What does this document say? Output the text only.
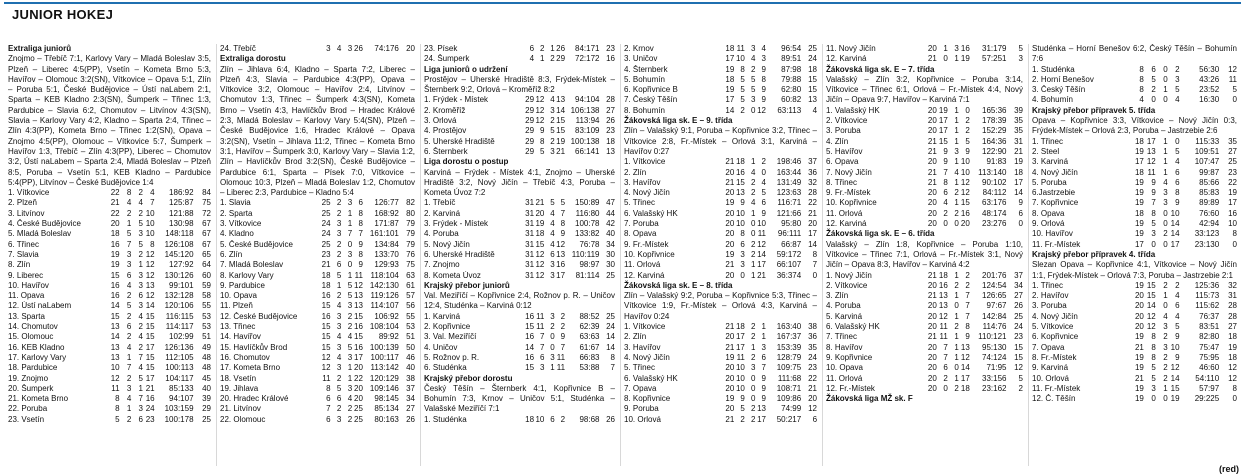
JUNIOR HOKEJ
Extraliga juniorů
Znojmo – Třebíč 7:1, Karlovy Vary – Mladá Boleslav 3:5, Plzeň – Liberec 4:5(PP), Vsetín – Kometa Brno 5:3, Havířov – Olomouc 3:2(SN), Vítkovice – Opava 5:1, Zlín – Poruba 5:1, České Budějovice – Ústí naLabem 2:1, Sparta – KEB Kladno 2:3(SN), Šumperk – Třinec 1:3, Pardubice – Slavia 6:2, Chomutov – Litvínov 4:3(SN), Slavia – Karlovy Vary 4:2, Kladno – Sparta 2:4, Třinec – Zlín 4:3(PP), Kometa Brno – Třinec 1:2(SN), Opava – Znojmo 4:5(PP), Olomouc – Vítkovice 5:7, Šumperk – Havířov 1:3, Třebíč – Zlín 4:3(PP), Liberec – Chomutov 3:2, Ústí naLabem – Sparta 2:4, Mladá Boleslav – Plzeň 8:5, Poruba – Vsetín 5:1, KEB Kladno – Pardubice 5:4(PP), Litvínov – České Budějovice 1:4
1. Vítkovice	22 8 2 4	186:92	84
2. Plzeň	21 4 4 7	125:87	75
3. Litvínov	22 2 2 10	121:88	72
4. České Budějovice	20 1 5 10	130:98	67
5. Mladá Boleslav	18 5 3 10	148:118	67
6. Třinec	16 7 5 8	126:108	67
7. Slavia	19 3 2 12	145:120	65
8. Zlín	19 3 1 12	127:92	64
9. Liberec	15 6 3 12	130:126	60
10. Havířov	16 4 3 13	99:101	59
11. Opava	16 2 6 12	132:128	58
12. Ústí naLabem	14 5 3 14	120:106	55
13. Sparta	15 2 4 15	116:115	53
14. Chomutov	13 6 2 15	114:117	53
15. Olomouc	14 2 4 15	102:99	51
16. KEB Kladno	13 4 2 17	126:136	49
17. Karlovy Vary	13 1 7 15	112:105	48
18. Pardubice	10 7 4 15	100:113	48
19. Znojmo	12 2 5 17	104:117	45
20. Šumperk	11 3 1 21	85:133	40
21. Kometa Brno	8 4 7 16	94:107	39
22. Poruba	8 1 3 24	103:159	29
23. Vsetín	5 2 6 23	100:178	25
24. Třebíč	3 4 3 26	74:176 20
Extraliga dorostu
Zlín – Jihlava 6:4, Kladno – Sparta 7:2, Liberec – Plzeň 4:3, Slavia – Pardubice 4:3(PP), Opava – Vítkovice 3:2, Olomouc – Havířov 2:4, Litvínov – Chomutov 1:3, Třinec – Šumperk 4:3(SN), Kometa Brno – Vsetín 4:3, Havlíčkův Brod – Hradec Králové 2:3, Mladá Boleslav – Karlovy Vary 5:4(SN), Plzeň – České Budějovice 1:6, Hradec Králové – Opava 3:2(SN), Vsetín – Jihlava 11:2, Třinec – Kometa Brno 3:1, Havířov – Šumperk 3:0, Karlovy Vary – Slavia 1:2, Zlín – Havlíčkův Brod 3:2(SN), České Budějovice – Pardubice 6:1, Sparta – Písek 7:0, Vítkovice – Olomouc 10:3, Plzeň – Mladá Boleslav 1:2, Chomutov – Liberec 2:3, Pardubice – Kladno 5:4
1. Slavia	25 2 3 6	126:77 82
2. Sparta	25 2 1 8	168:92 80
3. Vítkovice	24 3 1 8	171:87 79
4. Kladno	24 3 7 7 161:101 79
5. České Budějovice	25 2 0 9	134:84 79
6. Zlín	23 2 3 8	133:70 76
7. Mladá Boleslav	21 6 0 9	129:93 75
8. Karlovy Vary	18 5 1 11 118:104 63
9. Pardubice	18 1 5 12 142:130 61
10. Opava	16 2 5 13 119:126 57
11. Plzeň	15 4 3 13 114:107 56
12. České Budějovice	16 3 2 15	106:92 55
13. Třinec	15 3 2 16 108:104 53
14. Havířov	15 4 4 15	89:92 51
15. Havlíčkův Brod	15 3 5 16 100:139 50
16. Chomutov	12 4 3 17 100:117 46
17. Kometa Brno	12 3 1 20 113:142 40
18. Vsetín	11 2 1 22 120:129 38
19. Jihlava	8 5 3 20 109:146 37
20. Hradec Králové	6 6 4 20	98:145 34
21. Litvínov	7 2 2 25	85:134 27
22. Olomouc	6 3 2 25	80:163 26
23. Písek	6 2 1 26	84:171 23
24. Šumperk	4 1 2 29	72:172 16
Liga juniorů o udržení
Prostějov – Uherské Hradiště 8:3, Frýdek-Místek – Šternberk 9:2, Orlová – Kroměříž 8:2
1. Frýdek - Místek	29 12 4 13	94:104 28
2. Kroměříž	29 12 3 14 106:138 27
3. Orlová	29 12 2 15	113:94 26
4. Prostějov	29 9 5 15	83:109 23
5. Uherské Hradiště	29 8 2 19 100:138 18
6. Šternberk	29 5 3 21	66:141 13
Liga dorostu o postup
Karviná – Frýdek - Místek 4:1, Znojmo – Uherské Hradiště 3:2, Nový Jičín – Třebíč 4:3, Poruba – Kometa Úvoz 7:2
1. Třebíč	31 21 5 5	150:89 47
2. Karviná	31 20 4 7	116:80 44
3. Frýdek - Místek	31 19 4 8	100:78 42
4. Poruba	31 18 4 9	133:82 40
5. Nový Jičín	31 15 4 12	76:78 34
6. Uherské Hradiště	31 12 6 13 110:119 30
7. Znojmo	31 12 3 16	98:97 30
8. Kometa Úvoz	31 12 3 17	81:114 25
Krajský přebor juniorů
Val. Meziříčí – Kopřivnice 2:4, Rožnov p. R. – Uničov 12:4, Studénka – Karviná 0:12
1. Karviná	16 11 3 2	88:52 25
2. Kopřivnice	15 11 2 2	62:39 24
3. Val. Meziříčí	16 7 0 9	63:63 14
4. Uničov	14 7 0 7	61:67 14
5. Rožnov p. R.	16 6 3 11	66:83	8
6. Studénka	15 3 1 11	53:88	7
Krajský přebor dorostu
Český Těšín – Šternberk 4:1, Kopřivnice B – Bohumín 7:3, Krnov – Uničov 5:1, Studénka – Valašské Meziříčí 7:1
1. Studénka	18 10 6 2	98:68 26
2. Krnov	18 11 3 4	96:54 25
3. Uničov	17 10 4 3	89:51 24
4. Šternberk	19 8 2 9	87:98 18
5. Bohumín	18 5 5 8	79:88 15
6. Kopřivnice B	19 5 5 9	62:80 15
7. Český Těšín	17 5 3 9	60:82 13
8. Bohumín	14 2 0 12	63:113	4
Žákovská liga sk. E – 9. třída
Zlín – Valašský 9:1, Poruba – Kopřivnice 3:2, Třinec – Vítkovice 2:8, Fr.-Místek – Orlová 3:1, Karviná – Havířov 0:27
1. Vítkovice	21 18 1 2	198:46 37
2. Zlín	20 16 4 0	163:44 36
3. Havířov	21 15 2 4	131:49 32
4. Nový Jičín	20 13 2 5	123:63 28
5. Třinec	19 9 4 6	116:71 22
6. Valašský HK	20 10 1 9	121:66 21
7. Poruba	20 10 0 10	95:80 20
8. Opava	20 8 0 11	96:111 17
9. Fr.-Místek	20 6 2 12	66:87 14
10. Kopřivnice	19 3 2 14	59:172	8
11. Orlová	21 3 1 17	66:107	7
12. Karviná	20 0 1 21	36:374	0
Žákovská liga sk. E – 8. třída
Zlín – Valašský 9:2, Poruba – Kopřivnice 5:3, Třinec – Vítkovice 1:9, Fr.-Místek – Orlová 4:3, Karviná – Havířov 0:24
1. Vítkovice	21 18 2 1	163:40 38
2. Zlín	20 17 2 1	167:37 36
3. Havířov	21 17 1 3	153:39 35
4. Nový Jičín	19 11 2 6	128:79 24
5. Třinec	20 10 3 7	109:75 23
6. Valašský HK	20 10 0 9	111:68 22
7. Opava	20 10 0 9	108:71 21
8. Kopřivnice	19 9 0 9	109:86 20
9. Poruba	20 5 2 13	74:99 12
10. Orlová	21 2 2 17	50:217	6
11. Nový Jičín	20 1 3 16	31:179	5
12. Karviná	21 0 1 19	57:251	3
Žákovská liga sk. E – 7. třída
Valašský – Zlín 3:2, Kopřivnice – Poruba 3:14, Vítkovice – Třinec 6:1, Orlová – Fr.-Místek 4:4, Nový Jičín – Opava 9:7, Havířov – Karviná 7:1
1. Valašský HK	20 19 1 0	165:36 39
2. Vítkovice	20 17 1 2	178:39 35
3. Poruba	20 17 1 2	152:29 35
4. Zlín	21 15 1 5	164:36 31
5. Havířov	21 9 3 9	122:90 21
6. Opava	20 9 1 10	91:83 19
7. Nový Jičín	21 7 4 10	113:140 18
8. Třinec	21 8 1 12	90:102 17
9. Fr.-Místek	20 6 2 12	84:112 14
10. Kopřivnice	20 4 1 15	63:176	9
11. Orlová	20 2 2 16	48:174	6
12. Karviná	20 0 0 20	23:276	0
Žákovská liga sk. E – 6. třída
Valašský – Zlín 1:8, Kopřivnice – Poruba 1:10, Vítkovice – Třinec 7:1, Orlová – Fr.-Místek 3:1, Nový Jičín – Opava 8:3, Havířov – Karviná 4:2
1. Nový Jičín	21 18 1 2	201:76 37
2. Vítkovice	20 16 2 2	124:54 34
3. Zlín	21 13 1 7	126:65 27
4. Poruba	20 13 0 7	97:67 26
5. Karviná	20 12 1 7	142:84 25
6. Valašský HK	20 11 2 8	114:76 24
7. Třinec	21 11 1 9	110:121 23
8. Havířov	20 7 1 13	95:130 15
9. Kopřivnice	20 7 1 12	74:124 15
10. Opava	20 6 0 14	71:95 12
11. Orlová	20 2 1 17	33:156	5
12. Fr.-Místek	20 0 2 18	23:162	2
Žákovská liga MŽ sk. F
Studénka – Horní Benešov 6:2, Český Těšín – Bohumín 7:6
1. Studénka	8 6 0 2	56:30	12
2. Horní Benešov	8 5 0 3	43:26	11
3. Český Těšín	8 2 1 5	23:52	5
4. Bohumín	4 0 0 4	16:30	0
Krajský přebor přípravek 5. třída
Opava – Kopřivnice 3:3, Vítkovice – Nový Jičín 0:3, Frýdek-Místek – Orlová 2:3, Poruba – Jastrzebie 2:6
1. Třinec	18 17 1 0	115:33	35
2. Steel	19 13 1 5	109:51	27
3. Karviná	17 12 1 4	107:47	25
4. Nový Jičín	18 11 1 6	99:87	23
5. Poruba	19 9 4 6	85:66	22
6.Jastrzebie	19 9 3 8	85:83	19
7. Kopřivnice	19 7 3 9	89:89	17
8. Opava	18 8 0 10	76:60	16
9. Orlová	19 5 0 14	42:94	10
10. Havířov	19 3 2 14	33:123	8
11. Fr.-Místek	17 0 0 17	23:130	0
Krajský přebor přípravek 4. třída
Slezan Opava – Kopřivnice 4:1, Vítkovice – Nový Jičín 1:1, Frýdek-Místek – Orlová 7:3, Poruba – Jastrzebie 2:1
1. Třinec	19 15 2 2	125:36	32
2. Havířov	20 15 1 4	115:73	31
3. Poruba	20 14 0 6	115:62	28
4. Nový Jičín	20 12 4 4	76:37	28
5. Vítkovice	20 12 3 5	83:51	27
6. Kopřivnice	19 8 2 9	82:80	18
7. Opava	21 8 3 10	75:47	19
8. Fr.-Místek	19 8 2 9	75:95	18
9. Karviná	19 5 2 12	46:60	12
10. Orlová	21 5 2 14	54:110	12
11. Fr.-Místek	19 3 1 15	57:97	8
12. Č. Těšín	19 0 0 19	29:225	0
(red)
